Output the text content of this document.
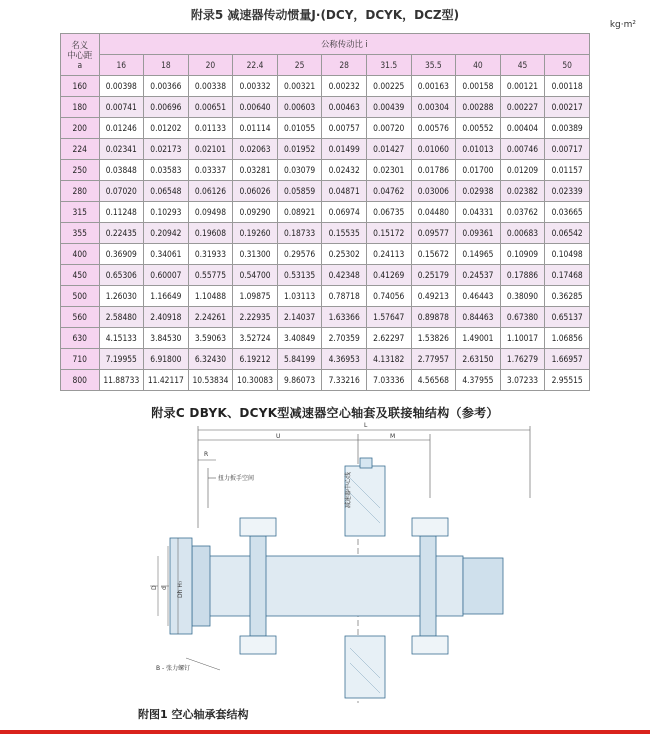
附录5 减速器传动惯量J·(DCY，DCYK，DCZ型)
kg·m²
名义
中心距
a	公称传动比 i										
	16	18	20	22.4	25	28	31.5	35.5	40	45	50
160	0.00398	0.00366	0.00338	0.00332	0.00321	0.00232	0.00225	0.00163	0.00158	0.00121	0.00118
180	0.00741	0.00696	0.00651	0.00640	0.00603	0.00463	0.00439	0.00304	0.00288	0.00227	0.00217
200	0.01246	0.01202	0.01133	0.01114	0.01055	0.00757	0.00720	0.00576	0.00552	0.00404	0.00389
224	0.02341	0.02173	0.02101	0.02063	0.01952	0.01499	0.01427	0.01060	0.01013	0.00746	0.00717
250	0.03848	0.03583	0.03337	0.03281	0.03079	0.02432	0.02301	0.01786	0.01700	0.01209	0.01157
280	0.07020	0.06548	0.06126	0.06026	0.05859	0.04871	0.04762	0.03006	0.02938	0.02382	0.02339
315	0.11248	0.10293	0.09498	0.09290	0.08921	0.06974	0.06735	0.04480	0.04331	0.03762	0.03665
355	0.22435	0.20942	0.19608	0.19260	0.18733	0.15535	0.15172	0.09577	0.09361	0.00683	0.06542
400	0.36909	0.34061	0.31933	0.31300	0.29576	0.25302	0.24113	0.15672	0.14965	0.10909	0.10498
450	0.65306	0.60007	0.55775	0.54700	0.53135	0.42348	0.41269	0.25179	0.24537	0.17886	0.17468
500	1.26030	1.16649	1.10488	1.09875	1.03113	0.78718	0.74056	0.49213	0.46443	0.38090	0.36285
560	2.58480	2.40918	2.24261	2.22935	2.14037	1.63366	1.57647	0.89878	0.84463	0.67380	0.65137
630	4.15133	3.84530	3.59063	3.52724	3.40849	2.70359	2.62297	1.53826	1.49001	1.10017	1.06856
710	7.19955	6.91800	6.32430	6.19212	5.84199	4.36953	4.13182	2.77957	2.63150	1.76279	1.66957
800	11.88733	11.42117	10.53834	10.30083	9.86073	7.33216	7.03336	4.56568	4.37955	3.07233	2.95515
附录C DBYK、DCYK型减速器空心轴套及联接轴结构（参考）
L
U	M
R
扭力扳手空间	减速器中心线
D d Dh H₇
B - 张力螺钉
附图1 空心轴承套结构
